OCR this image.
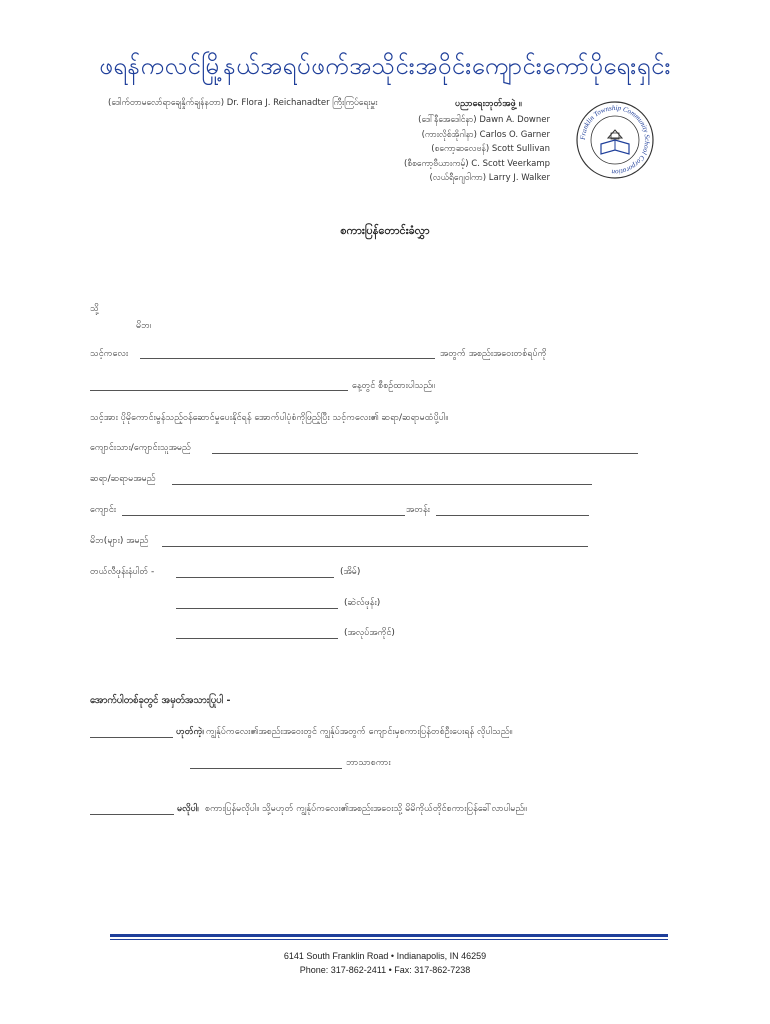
ဖရန်ကလင်မြို့နယ်အရပ်ဖက်အသိုင်းအဝိုင်းကျောင်းကော်ပိုရေးရှင်း
(ဒေါက်တာမလော်ရာချေနှိုက်ချန်နတာ) Dr. Flora J. Reichanadter ကြီးကြပ်ရေးမှူး	ပညာရေးဘုတ်အဖွဲ့ ။
(ဒေါ်နီအေဒေါင်နာ) Dawn A. Downer
(ကားလိုစ်အိုဂါနာ) Carlos O. Garner
(စကော့ဆလေဗန်) Scott Sullivan
(စီစကော့ဗီယားကမ့်) C. Scott Veerkamp
(လယ်ရီဂျေဝါကာ) Larry J. Walker
Franklin Township Community School Corporation
စကားပြန်တောင်းခံလွှာ
သို့
မိဘ၊
သင့်ကလေး	အတွက် အစည်းအဝေးတစ်ရပ်ကို
နေ့တွင် စီစဉ်ထားပါသည်။
သင့်အား ပိုမိုကောင်းမွန်သည့်ဝန်ဆောင်မှုပေးနိုင်ရန် အောက်ပါပုံစံကိုဖြည့်ပြီး သင့်ကလေး၏ ဆရာ/ဆရာမထံပို့ပါ။
ကျောင်းသား/ကျောင်းသူအမည်
ဆရာ/ဆရာမအမည်
ကျောင်း	အတန်း
မိဘ(များ) အမည်
တယ်လီဖုန်းနံပါတ် -	(အိမ်)
(ဆဲလ်ဖုန်း)
(အလုပ်အကိုင်)
အောက်ပါတစ်ခုတွင် အမှတ်အသားပြုပါ -
ဟုတ်ကဲ့၊ ကျွန်ုပ်ကလေး၏အစည်းအဝေးတွင် ကျွန်ုပ်အတွက် ကျောင်းမှစကားပြန်တစ်ဦးပေးရန် လိုပါသည်။
ဘာသာစကား
မလိုပါ၊ စကားပြန်မလိုပါ။ သို့မဟုတ် ကျွန်ုပ်ကလေး၏အစည်းအဝေးသို့ မိမိကိုယ်တိုင်စကားပြန်ခေါ်လာပါမည်။
6141 South Franklin Road • Indianapolis, IN 46259
Phone: 317-862-2411 • Fax: 317-862-7238
